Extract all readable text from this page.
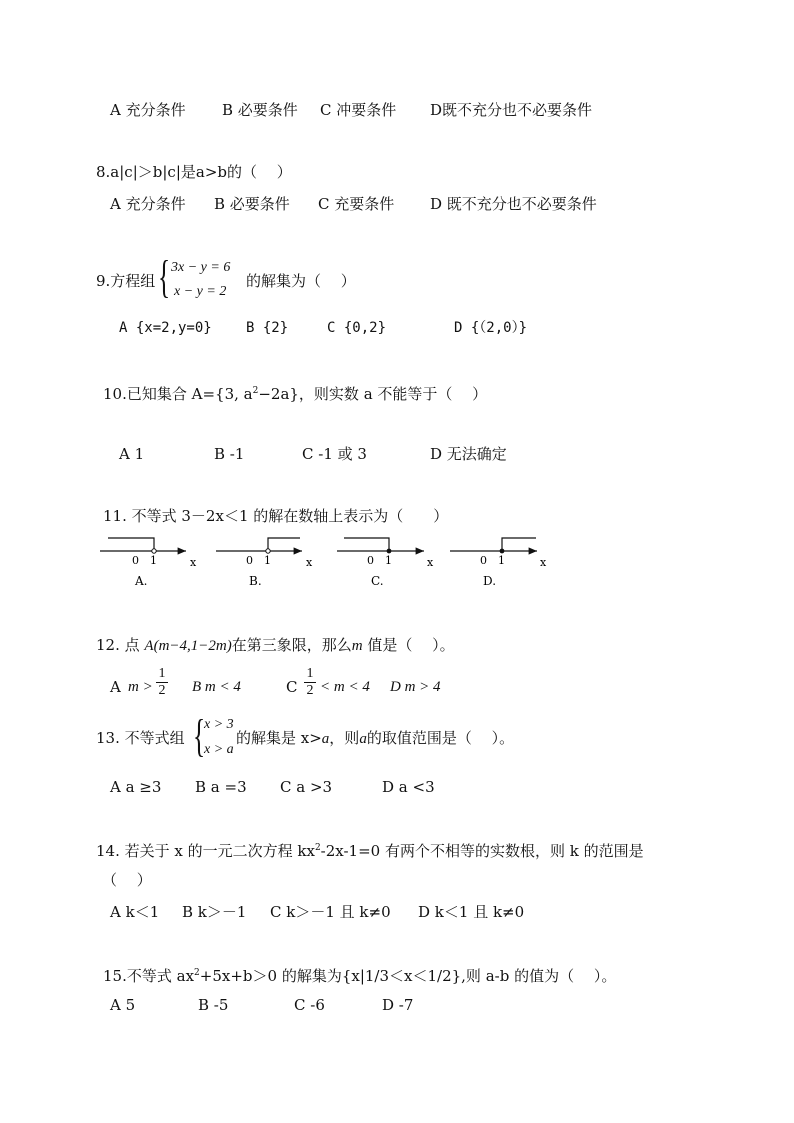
A 充分条件 B 必要条件 C 冲要条件 D既不充分也不必要条件
8.a|c|＞b|c|是a>b的（　 ）
A 充分条件 B 必要条件 C 充要条件 D 既不充分也不必要条件
9.方程组 { 3x − y = 6
x − y = 2
的解集为（　 ）
A {x=2,y=0} B {2}	C {0,2}	D {（2,0）}
10.已知集合 A={3, $a^2-2a$}，则实数 a 不能等于（　 ）
A 1	B -1	C -1 或 3	D 无法确定
11. 不等式 3－2x＜1 的解在数轴上表示为（　　）
0 1	x
A.
0 1	x
B.
0 1	x
C.
0 1	x
D.
12. 点 A(m−4,1−2m)在第三象限，那么m 值是（　 ）。
A $m > \frac{1}{2}$ B m < 4	C $\frac{1}{2} < m < 4$ D m > 4
13. 不等式组 {
x > 3
x > a
的解集是 x>a，则a的取值范围是（　 ）。
A a ≥3 B a =3 C a >3	D a <3
14. 若关于 x 的一元二次方程 $kx^2-2x-1=0$ 有两个不相等的实数根，则 k 的范围是
（　 ）
A k＜1 B k＞－1 C k＞－1 且 k≠0 D k＜1 且 k≠0
15.不等式 $ax^2+5x+b>0$ 的解集为{x|1/3＜x＜1/2},则 a-b 的值为（　 ）。
A 5	B -5	C -6	D -7
